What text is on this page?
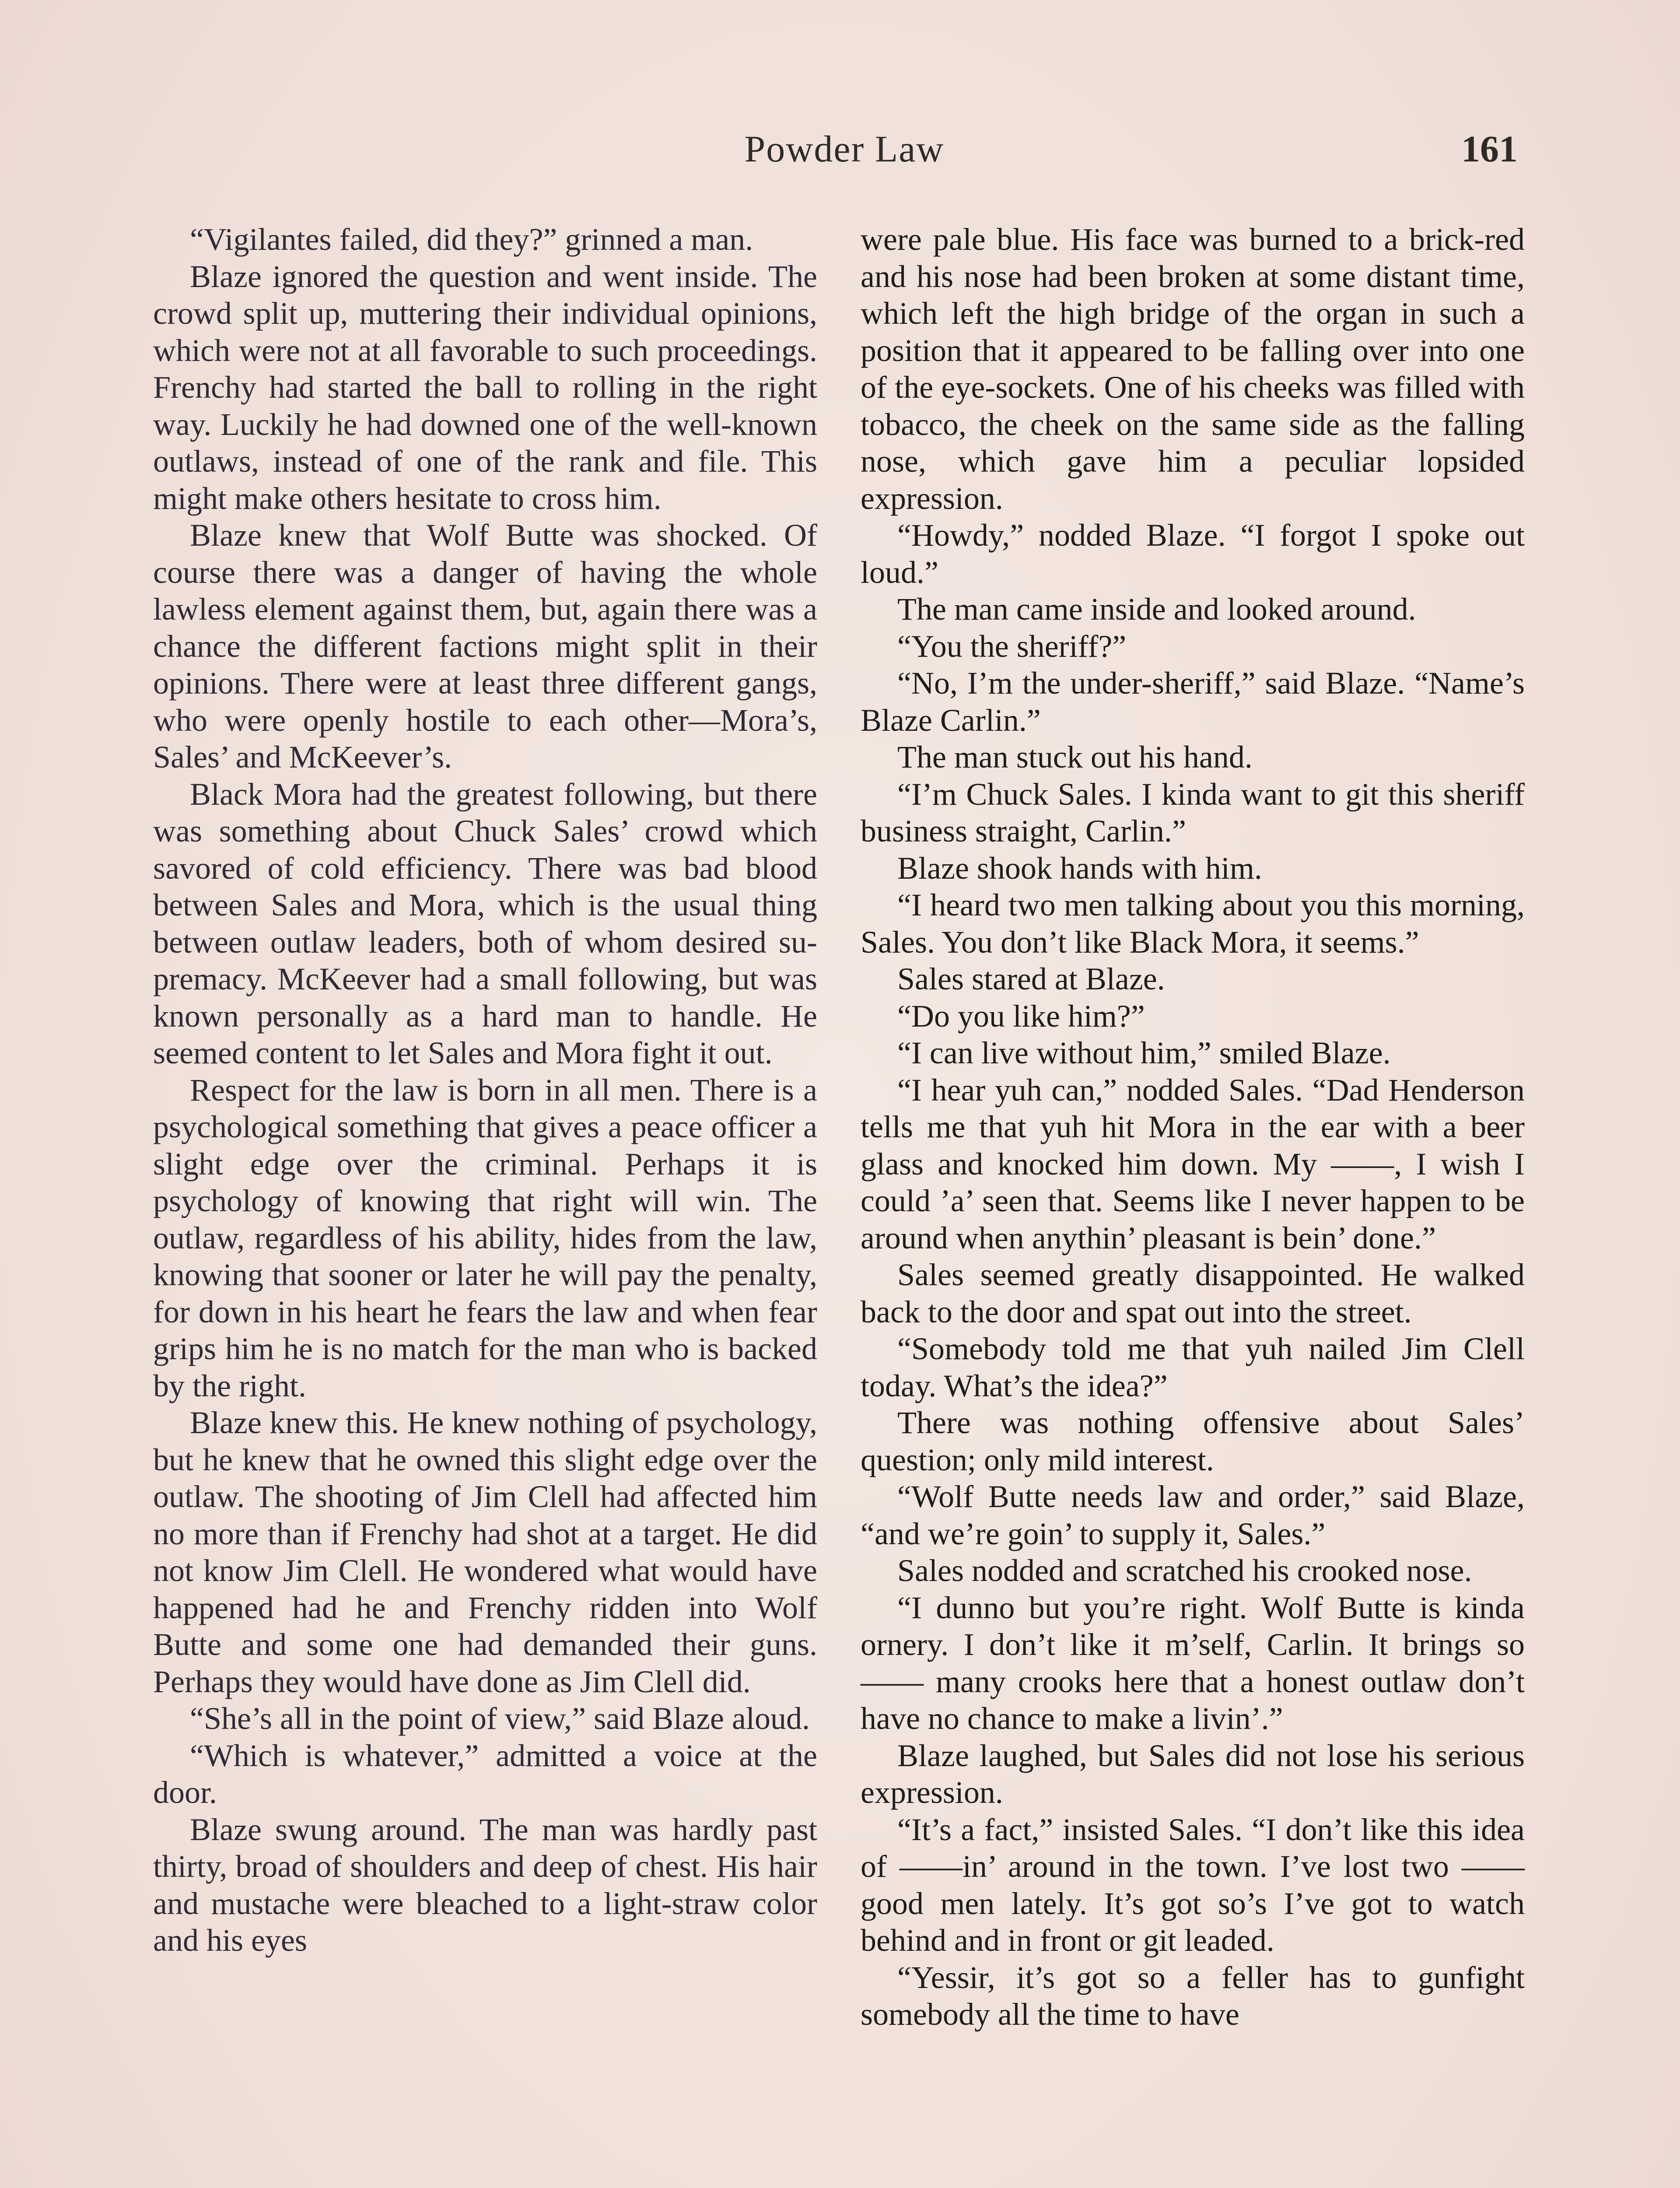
Powder Law	161

“Vigilantes failed, did they?” grinned a man.

Blaze ignored the question and went inside. The crowd split up, muttering their individual opinions, which were not at all favorable to such proceedings. Frenchy had started the ball to rolling in the right way. Luckily he had downed one of the well-known outlaws, instead of one of the rank and file. This might make others hesitate to cross him.

Blaze knew that Wolf Butte was shocked. Of course there was a danger of having the whole lawless element against them, but, again there was a chance the different factions might split in their opinions. There were at least three different gangs, who were openly hostile to each other—Mora’s, Sales’ and McKeever’s.

Black Mora had the greatest following, but there was something about Chuck Sales’ crowd which savored of cold efficiency. There was bad blood between Sales and Mora, which is the usual thing between outlaw leaders, both of whom desired supremacy. McKeever had a small following, but was known personally as a hard man to handle. He seemed content to let Sales and Mora fight it out.

Respect for the law is born in all men. There is a psychological something that gives a peace officer a slight edge over the criminal. Perhaps it is psychology of knowing that right will win. The outlaw, regardless of his ability, hides from the law, knowing that sooner or later he will pay the penalty, for down in his heart he fears the law and when fear grips him he is no match for the man who is backed by the right.

Blaze knew this. He knew nothing of psychology, but he knew that he owned this slight edge over the outlaw. The shooting of Jim Clell had affected him no more than if Frenchy had shot at a target. He did not know Jim Clell. He wondered what would have happened had he and Frenchy ridden into Wolf Butte and some one had demanded their guns. Perhaps they would have done as Jim Clell did.

“She’s all in the point of view,” said Blaze aloud.

“Which is whatever,” admitted a voice at the door.

Blaze swung around. The man was hardly past thirty, broad of shoulders and deep of chest. His hair and mustache were bleached to a light-straw color and his eyes

were pale blue. His face was burned to a brick-red and his nose had been broken at some distant time, which left the high bridge of the organ in such a position that it appeared to be falling over into one of the eye-sockets. One of his cheeks was filled with tobacco, the cheek on the same side as the falling nose, which gave him a peculiar lopsided expression.

“Howdy,” nodded Blaze. “I forgot I spoke out loud.”

The man came inside and looked around.

“You the sheriff?”

“No, I’m the under-sheriff,” said Blaze. “Name’s Blaze Carlin.”

The man stuck out his hand.

“I’m Chuck Sales. I kinda want to git this sheriff business straight, Carlin.”

Blaze shook hands with him.

“I heard two men talking about you this morning, Sales. You don’t like Black Mora, it seems.”

Sales stared at Blaze.

“Do you like him?”

“I can live without him,” smiled Blaze.

“I hear yuh can,” nodded Sales. “Dad Henderson tells me that yuh hit Mora in the ear with a beer glass and knocked him down. My ——, I wish I could ’a’ seen that. Seems like I never happen to be around when anythin’ pleasant is bein’ done.”

Sales seemed greatly disappointed. He walked back to the door and spat out into the street.

“Somebody told me that yuh nailed Jim Clell today. What’s the idea?”

There was nothing offensive about Sales’ question; only mild interest.

“Wolf Butte needs law and order,” said Blaze, “and we’re goin’ to supply it, Sales.”

Sales nodded and scratched his crooked nose.

“I dunno but you’re right. Wolf Butte is kinda ornery. I don’t like it m’self, Carlin. It brings so —— many crooks here that a honest outlaw don’t have no chance to make a livin’.”

Blaze laughed, but Sales did not lose his serious expression.

“It’s a fact,” insisted Sales. “I don’t like this idea of ——in’ around in the town. I’ve lost two —— good men lately. It’s got so’s I’ve got to watch behind and in front or git leaded.

“Yessir, it’s got so a feller has to gunfight somebody all the time to have
